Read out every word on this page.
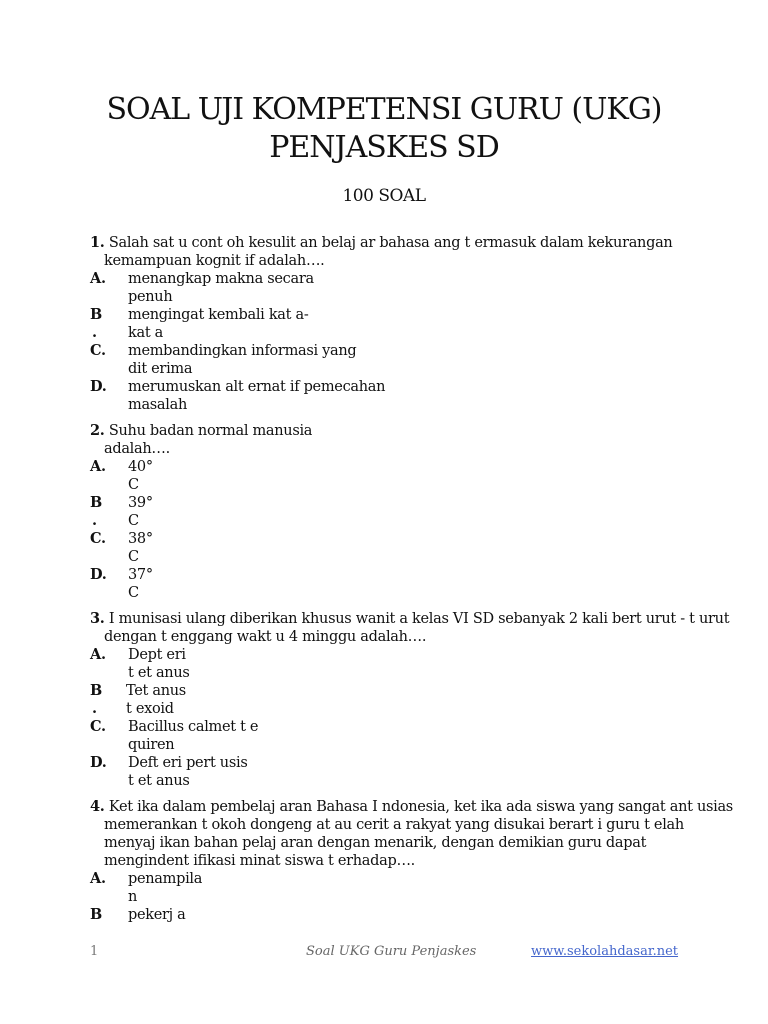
SOAL UJI KOMPETENSI GURU (UKG)
PENJASKES SD
100 SOAL
1. Salah sat u cont oh kesulit an belaj ar bahasa ang t ermasuk dalam kekurangan
kemampuan kognit if adalah….
A. menangkap makna secara
penuh
B
.
mengingat kembali kat a-
kat a
C. membandingkan informasi yang
dit erima
D. merumuskan alt ernat if pemecahan
masalah
2. Suhu badan normal manusia
adalah….
A. 40°
C
B
.
39°
C
C. 38°
C
D. 37°
C
3. I munisasi ulang diberikan khusus wanit a kelas VI SD sebanyak 2 kali bert urut - t urut
dengan t enggang wakt u 4 minggu adalah….
A. Dept eri
t et anus
B
.
Tet anus
t exoid
C. Bacillus calmet t e
quiren
D. Deft eri pert usis
t et anus
4. Ket ika dalam pembelaj aran Bahasa I ndonesia, ket ika ada siswa yang sangat ant usias
memerankan t okoh dongeng at au cerit a rakyat yang disukai berart i guru t elah
menyaj ikan bahan pelaj aran dengan menarik, dengan demikian guru dapat
mengindent ifikasi minat siswa t erhadap….
A. penampila
n
B	pekerj a
1	Soal UKG Guru Penjaskes	www.sekolahdasar.net
